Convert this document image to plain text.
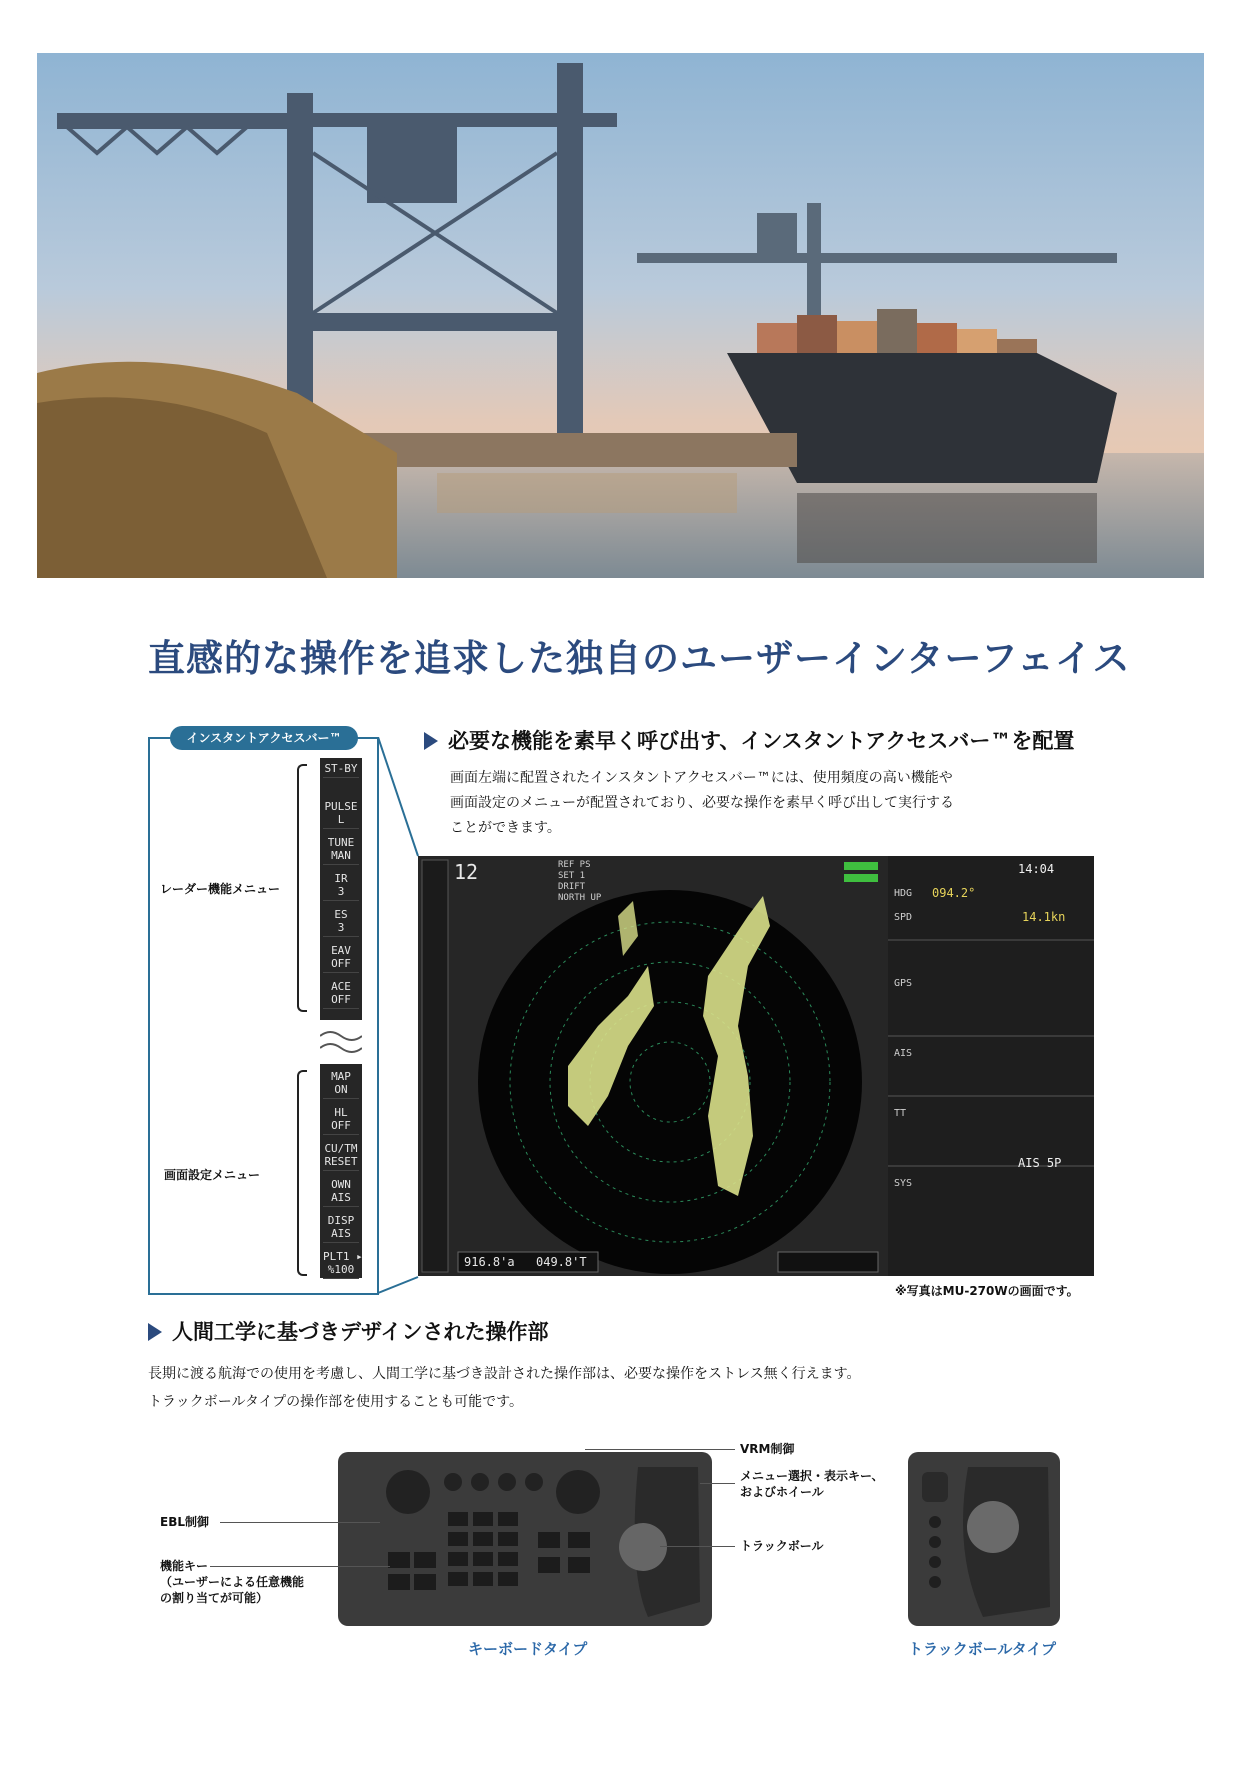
直感的な操作を追求した独自のユーザーインターフェイス
インスタントアクセスバー™
ST-BY
PULSE
L
TUNE
MAN
IR
3
ES
3
EAV
OFF
ACE
OFF
MAP
ON
HL
OFF
CU/TM
RESET
OWN
AIS
DISP
AIS
PLT1 ▸
%100
レーダー機能メニュー
画面設定メニュー
必要な機能を素早く呼び出す、インスタントアクセスバー™を配置
画面左端に配置されたインスタントアクセスバー™には、使用頻度の高い機能や
画面設定のメニューが配置されており、必要な操作を素早く呼び出して実行する
ことができます。
HDG
SPD
GPS
AIS
TT
SYS
12	REF PS
SET 1
DRIFT
NORTH UP
916.8'a 049.8'T
14:04
094.2°
14.1kn
AIS 5P
※写真はMU-270Wの画面です。
人間工学に基づきデザインされた操作部
長期に渡る航海での使用を考慮し、人間工学に基づき設計された操作部は、必要な操作をストレス無く行えます。
トラックボールタイプの操作部を使用することも可能です。
VRM制御
メニュー選択・表示キー、
およびホイール
トラックボール
EBL制御
機能キー
（ユーザーによる任意機能
の割り当てが可能）
キーボードタイプ	トラックボールタイプ
